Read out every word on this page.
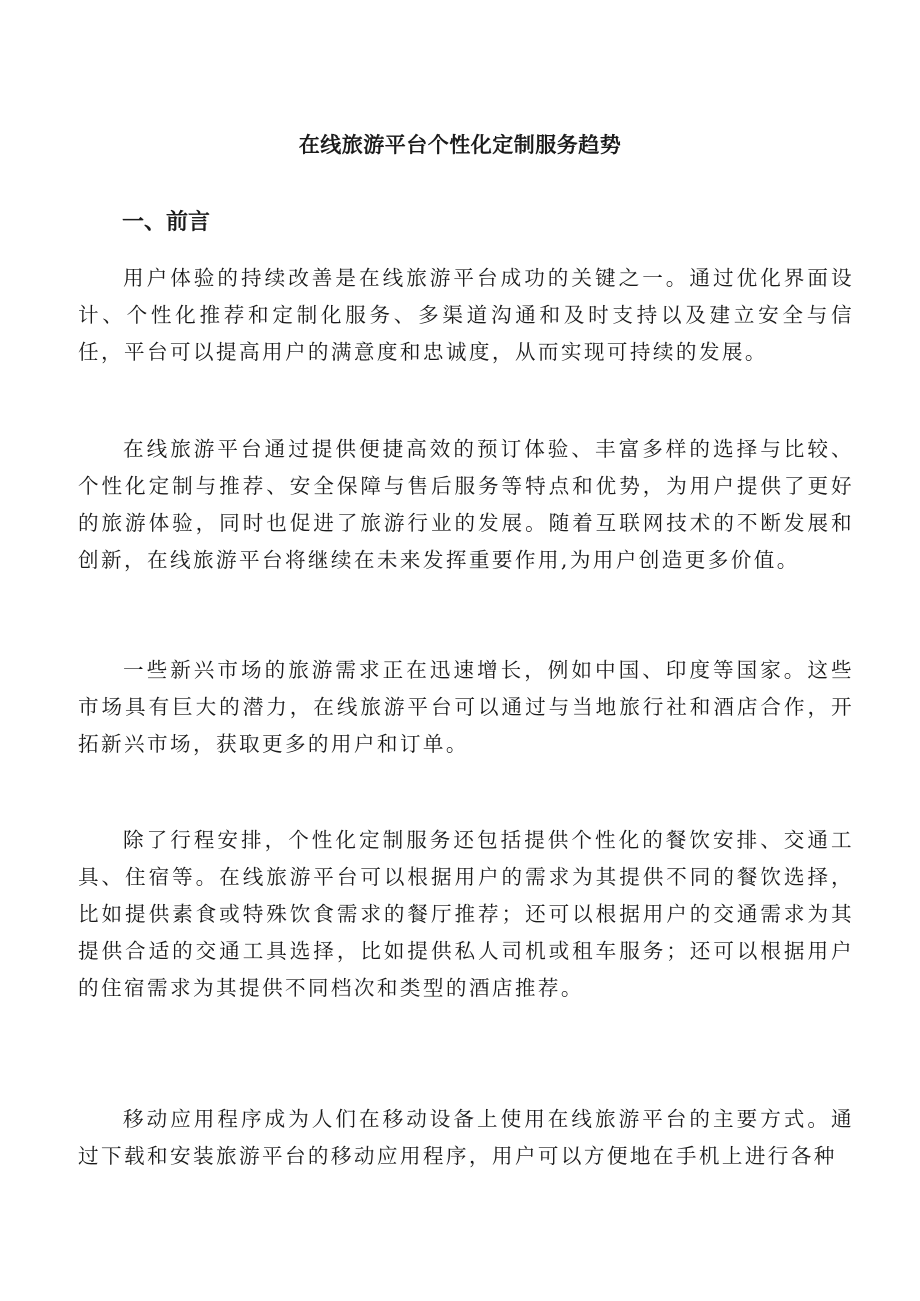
在线旅游平台个性化定制服务趋势
一、前言

用户体验的持续改善是在线旅游平台成功的关键之一。通过优化界面设计、个性化推荐和定制化服务、多渠道沟通和及时支持以及建立安全与信任，平台可以提高用户的满意度和忠诚度，从而实现可持续的发展。

在线旅游平台通过提供便捷高效的预订体验、丰富多样的选择与比较、个性化定制与推荐、安全保障与售后服务等特点和优势，为用户提供了更好的旅游体验，同时也促进了旅游行业的发展。随着互联网技术的不断发展和创新，在线旅游平台将继续在未来发挥重要作用,为用户创造更多价值。

一些新兴市场的旅游需求正在迅速增长，例如中国、印度等国家。这些市场具有巨大的潜力，在线旅游平台可以通过与当地旅行社和酒店合作，开拓新兴市场，获取更多的用户和订单。

除了行程安排，个性化定制服务还包括提供个性化的餐饮安排、交通工具、住宿等。在线旅游平台可以根据用户的需求为其提供不同的餐饮选择，比如提供素食或特殊饮食需求的餐厅推荐；还可以根据用户的交通需求为其提供合适的交通工具选择，比如提供私人司机或租车服务；还可以根据用户的住宿需求为其提供不同档次和类型的酒店推荐。

移动应用程序成为人们在移动设备上使用在线旅游平台的主要方式。通过下载和安装旅游平台的移动应用程序，用户可以方便地在手机上进行各种
